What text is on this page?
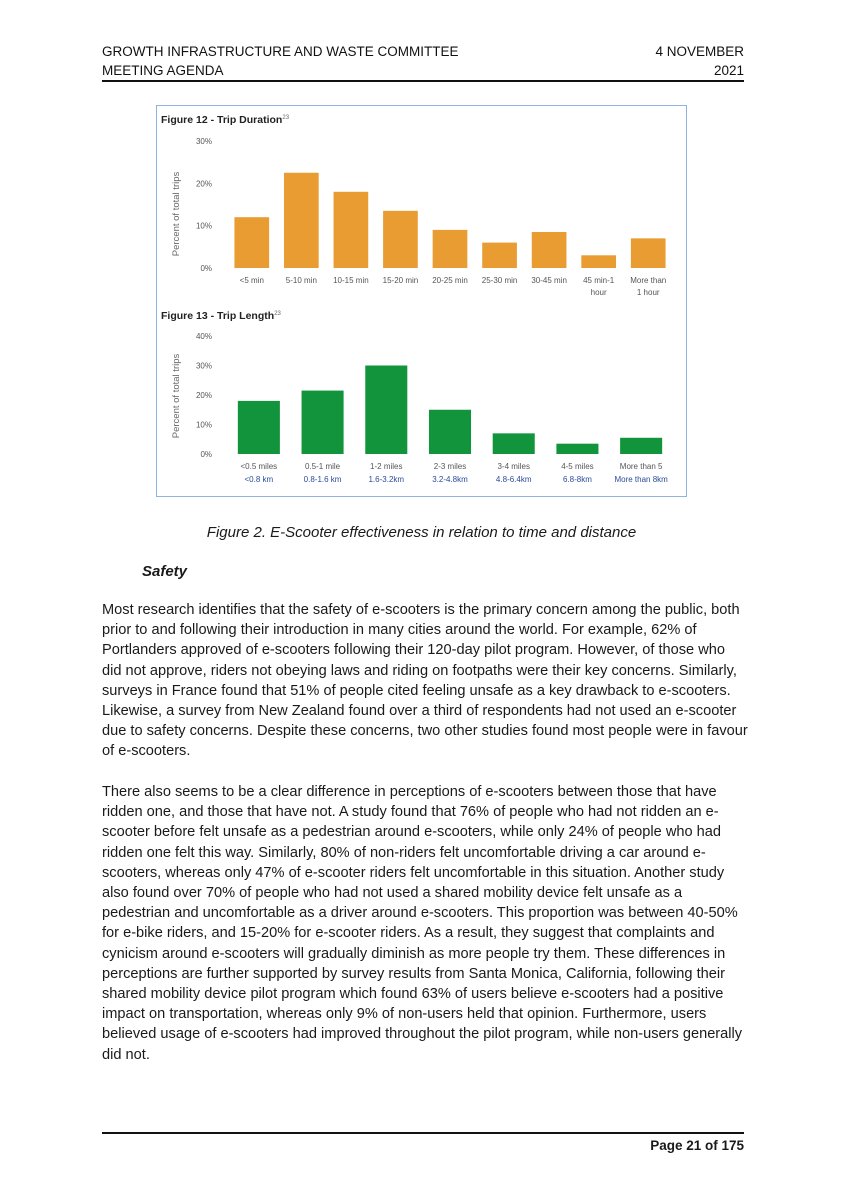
GROWTH INFRASTRUCTURE AND WASTE COMMITTEE
MEETING AGENDA
4 NOVEMBER
2021
Figure 12 - Trip Duration$^{23}$
Percent of total trips
0%
10%
20%
30%
<5 min	5-10 min 10-15 min 15-20 min 20-25 min 25-30 min 30-45 min 45 min-1
hour
More than
1 hour
Figure 13 - Trip Length$^{23}$
Percent of total trips
0%
10%
20%
30%
40%
<0.5 miles
<0.8 km
0.5-1 mile
0.8-1.6 km
1-2 miles
1.6-3.2km
2-3 miles
3.2-4.8km
3-4 miles
4.8-6.4km
4-5 miles
6.8-8km
More than 5
More than 8km
Figure 2. E-Scooter effectiveness in relation to time and distance
Safety

Most research identifies that the safety of e-scooters is the primary concern among the public, both prior to and following their introduction in many cities around the world. For example, 62% of Portlanders approved of e-scooters following their 120-day pilot program. However, of those who did not approve, riders not obeying laws and riding on footpaths were their key concerns. Similarly, surveys in France found that 51% of people cited feeling unsafe as a key drawback to e-scooters. Likewise, a survey from New Zealand found over a third of respondents had not used an e-scooter due to safety concerns. Despite these concerns, two other studies found most people were in favour of e-scooters.

There also seems to be a clear difference in perceptions of e-scooters between those that have ridden one, and those that have not. A study found that 76% of people who had not ridden an e-scooter before felt unsafe as a pedestrian around e-scooters, while only 24% of people who had ridden one felt this way. Similarly, 80% of non-riders felt uncomfortable driving a car around e-scooters, whereas only 47% of e-scooter riders felt uncomfortable in this situation. Another study also found over 70% of people who had not used a shared mobility device felt unsafe as a pedestrian and uncomfortable as a driver around e-scooters. This proportion was between 40-50% for e-bike riders, and 15-20% for e-scooter riders. As a result, they suggest that complaints and cynicism around e-scooters will gradually diminish as more people try them. These differences in perceptions are further supported by survey results from Santa Monica, California, following their shared mobility device pilot program which found 63% of users believe e-scooters had a positive impact on transportation, whereas only 9% of non-users held that opinion. Furthermore, users believed usage of e-scooters had improved throughout the pilot program, while non-users generally did not.

Page 21 of 175
